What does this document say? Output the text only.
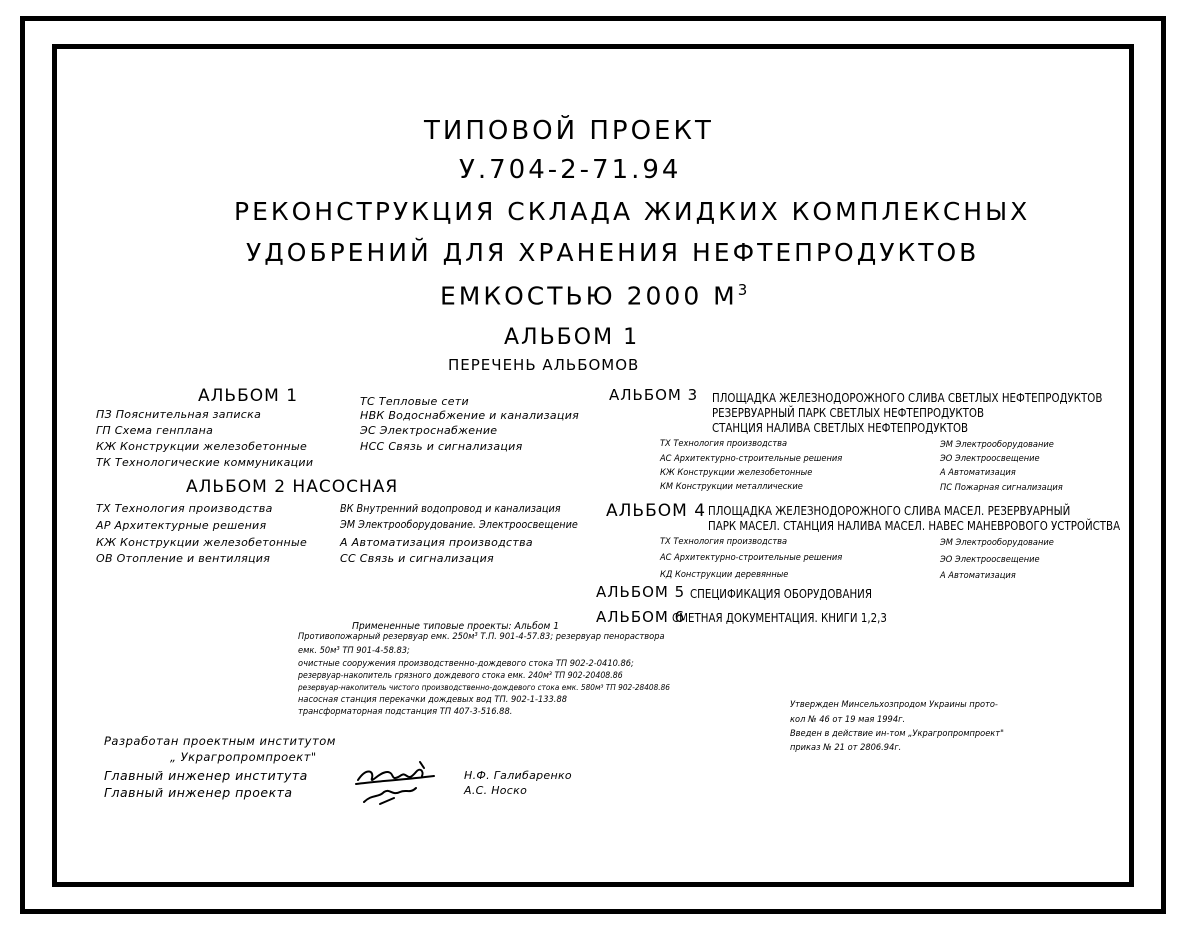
ТИПОВОЙ ПРОЕКТ
У.704-2-71.94
РЕКОНСТРУКЦИЯ СКЛАДА ЖИДКИХ КОМПЛЕКСНЫХ
УДОБРЕНИЙ ДЛЯ ХРАНЕНИЯ НЕФТЕПРОДУКТОВ
ЕМКОСТЬЮ 2000 $М^3$
АЛЬБОМ 1
ПЕРЕЧЕНЬ АЛЬБОМОВ
АЛЬБОМ 1
ПЗ Пояснительная записка
ГП Схема генплана
КЖ Конструкции железобетонные
ТК Технологические коммуникации
ТС Тепловые сети
НВК Водоснабжение и канализация
ЭС Электроснабжение
НСС Связь и сигнализация
АЛЬБОМ 2 НАСОСНАЯ
ТХ Технология производства
АР Архитектурные решения
КЖ Конструкции железобетонные
ОВ Отопление и вентиляция
ВК Внутренний водопровод и канализация
ЭМ Электрооборудование. Электроосвещение
А Автоматизация производства
СС Связь и сигнализация
АЛЬБОМ 3 ПЛОЩАДКА ЖЕЛЕЗНОДОРОЖНОГО СЛИВА СВЕТЛЫХ НЕФТЕПРОДУКТОВ
РЕЗЕРВУАРНЫЙ ПАРК СВЕТЛЫХ НЕФТЕПРОДУКТОВ
СТАНЦИЯ НАЛИВА СВЕТЛЫХ НЕФТЕПРОДУКТОВ
ТХ Технология производства
АС Архитектурно-строительные решения
КЖ Конструкции железобетонные
КМ Конструкции металлические
ЭМ Электрооборудование
ЭО Электроосвещение
А Автоматизация
ПС Пожарная сигнализация
АЛЬБОМ 4 ПЛОЩАДКА ЖЕЛЕЗНОДОРОЖНОГО СЛИВА МАСЕЛ. РЕЗЕРВУАРНЫЙ
ПАРК МАСЕЛ. СТАНЦИЯ НАЛИВА МАСЕЛ. НАВЕС МАНЕВРОВОГО УСТРОЙСТВА
ТХ Технология производства
АС Архитектурно-строительные решения
КД Конструкции деревянные
ЭМ Электрооборудование
ЭО Электроосвещение
А Автоматизация
АЛЬБОМ 5 СПЕЦИФИКАЦИЯ ОБОРУДОВАНИЯ
АЛЬБОМ 6
СМЕТНАЯ ДОКУМЕНТАЦИЯ. КНИГИ 1,2,3
Примененные типовые проекты: Альбом 1
Противопожарный резервуар емк. 250м³ Т.П. 901-4-57.83; резервуар пенораствора
емк. 50м³ ТП 901-4-58.83;
очистные сооружения производственно-дождевого стока ТП 902-2-0410.86;
резервуар-накопитель грязного дождевого стока емк. 240м³ ТП 902-20408.86
резервуар-накопитель чистого производственно-дождевого стока емк. 580м³ ТП 902-28408.86
насосная станция перекачки дождевых вод ТП. 902-1-133.88
трансформаторная подстанция ТП 407-3-516.88.
Утвержден Минсельхозпродом Украины прото-
кол № 46 от 19 мая 1994г.
Введен в действие ин-том „Украгропромпроект"
приказ № 21 от 2806.94г.
Разработан проектным институтом
„ Украгропромпроект"
Главный инженер института
Главный инженер проекта
Н.Ф. Галибаренко
А.С. Носко
